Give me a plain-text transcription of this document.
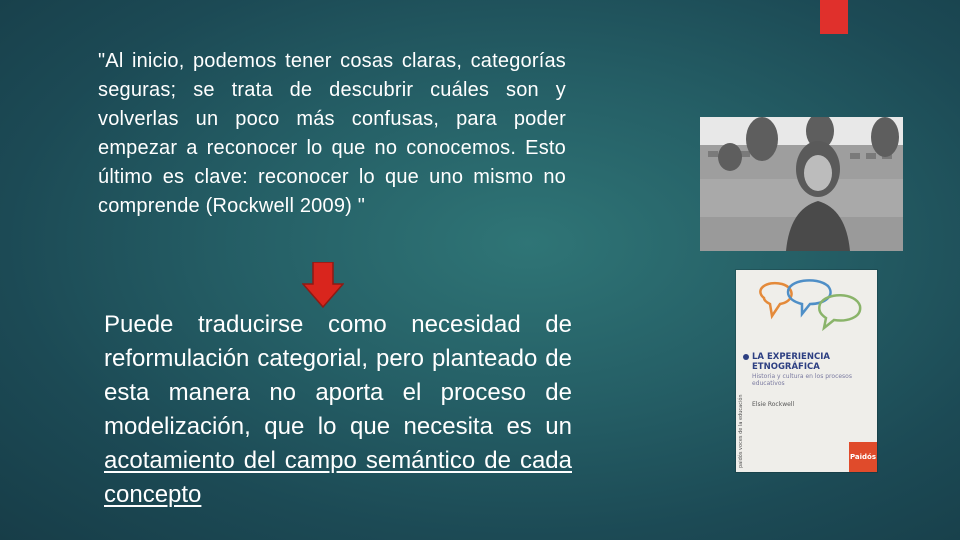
"Al inicio, podemos tener cosas claras, categorías seguras; se trata de descubrir cuáles son y volverlas un poco más confusas, para poder empezar a reconocer lo que no conocemos. Esto último es clave: reconocer lo que uno mismo no comprende (Rockwell 2009) "
Puede traducirse como necesidad de reformulación categorial, pero planteado de esta manera no aporta el proceso de modelización, que lo que necesita es un acotamiento del campo semántico de cada concepto
LA EXPERIENCIA ETNOGRÁFICA
Historia y cultura en los procesos educativos
Elsie Rockwell
paidós voces de la educación	Paidós
